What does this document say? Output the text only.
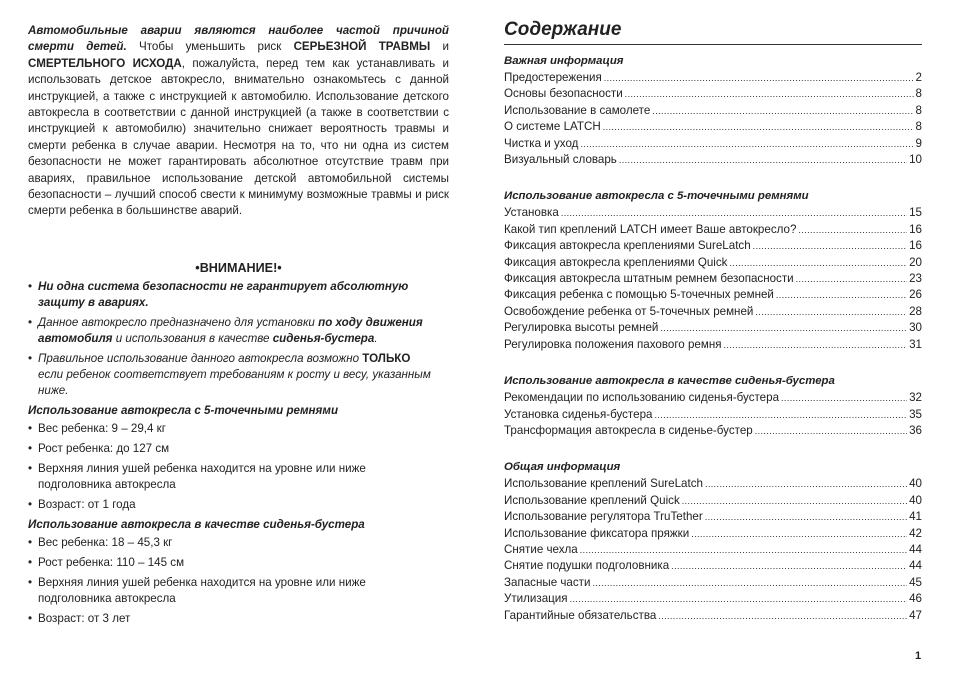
Автомобильные аварии являются наиболее частой причиной смерти детей. Чтобы уменьшить риск СЕРЬЕЗНОЙ ТРАВМЫ и СМЕРТЕЛЬНОГО ИСХОДА, пожалуйста, перед тем как устанавливать и использовать детское автокресло, внимательно ознакомьтесь с данной инструкцией, а также с инструкцией к автомобилю. Использование детского автокресла в соответствии с данной инструкцией (а также в соответствии с инструкцией к автомобилю) значительно снижает вероятность травмы и смерти ребенка в случае аварии. Несмотря на то, что ни одна из систем безопасности не может гарантировать абсолютное отсутствие травм при авариях, правильное использование детской автомобильной системы безопасности – лучший способ свести к минимуму возможные травмы и риск смерти ребенка в большинстве аварий.

•ВНИМАНИЕ!•
• Ни одна система безопасности не гарантирует абсолютную защиту в авариях.
• Данное автокресло предназначено для установки по ходу движения автомобиля и использования в качестве сиденья-бустера.
• Правильное использование данного автокресла возможно ТОЛЬКО если ребенок соответствует требованиям к росту и весу, указанным ниже.
Использование автокресла с 5-точечными ремнями
• Вес ребенка: 9 – 29,4 кг
• Рост ребенка: до 127 см
• Верхняя линия ушей ребенка находится на уровне или ниже подголовника автокресла
• Возраст: от 1 года
Использование автокресла в качестве сиденья-бустера
• Вес ребенка: 18 – 45,3 кг
• Рост ребенка: 110 – 145 см
• Верхняя линия ушей ребенка находится на уровне или ниже подголовника автокресла
• Возраст: от 3 лет
Содержание
Важная информация
Предостережения .....	2
Основы безопасности .....	8
Использование в самолете .....	8
О системе LATCH .....	8
Чистка и уход .....	9
Визуальный словарь .....	10
Использование автокресла с 5-точечными ремнями
Установка .....	15
Какой тип креплений LATCH имеет Ваше автокресло? .....	16
Фиксация автокресла креплениями SureLatch .....	16
Фиксация автокресла креплениями Quick .....	20
Фиксация автокресла штатным ремнем безопасности .....	23
Фиксация ребенка с помощью 5-точечных ремней .....	26
Освобождение ребенка от 5-точечных ремней .....	28
Регулировка высоты ремней .....	30
Регулировка положения пахового ремня .....	31
Использование автокресла в качестве сиденья-бустера
Рекомендации по использованию сиденья-бустера .....	32
Установка сиденья-бустера .....	35
Трансформация автокресла в сиденье-бустер .....	36
Общая информация
Использование креплений SureLatch .....	40
Использование креплений Quick .....	40
Использование регулятора TruTether .....	41
Использование фиксатора пряжки .....	42
Снятие чехла .....	44
Снятие подушки подголовника .....	44
Запасные части .....	45
Утилизация .....	46
Гарантийные обязательства .....	47
1
